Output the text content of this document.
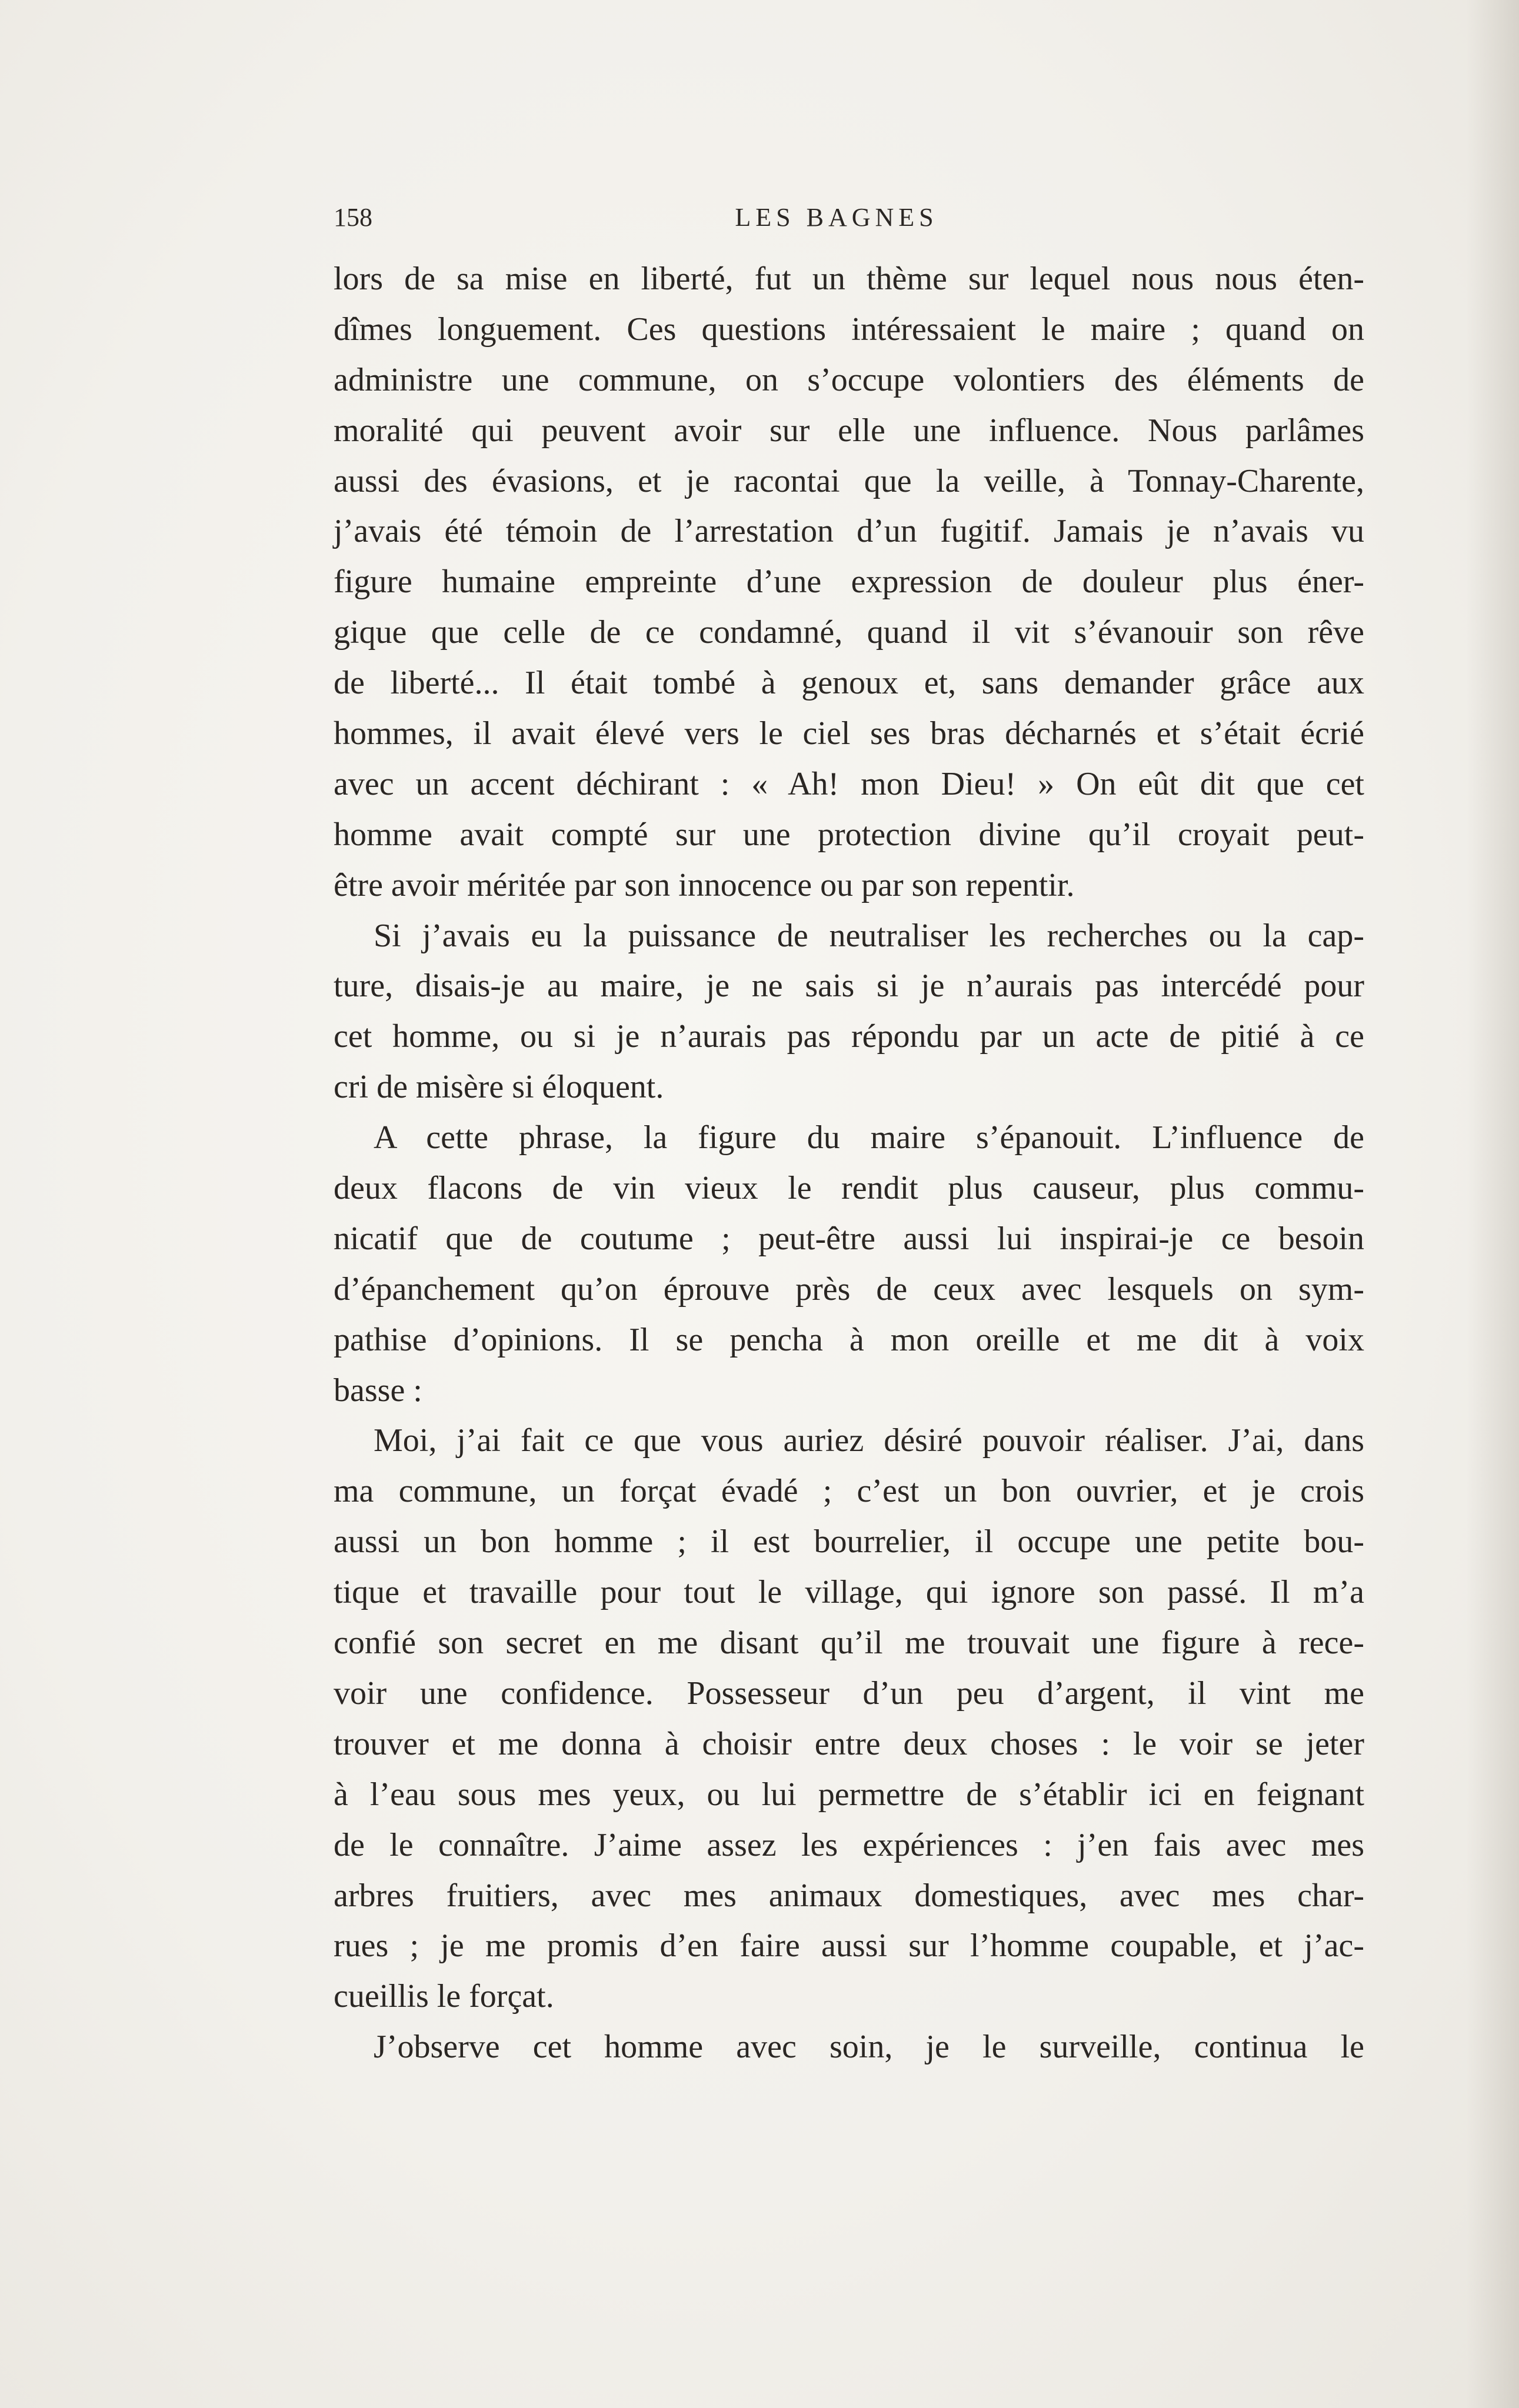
158	LES BAGNES
lors de sa mise en liberté, fut un thème sur lequel nous nous éten-
dîmes longuement. Ces questions intéressaient le maire ; quand on
administre une commune, on s’occupe volontiers des éléments de
moralité qui peuvent avoir sur elle une influence. Nous parlâmes
aussi des évasions, et je racontai que la veille, à Tonnay-Charente,
j’avais été témoin de l’arrestation d’un fugitif. Jamais je n’avais vu
figure humaine empreinte d’une expression de douleur plus éner-
gique que celle de ce condamné, quand il vit s’évanouir son rêve
de liberté... Il était tombé à genoux et, sans demander grâce aux
hommes, il avait élevé vers le ciel ses bras décharnés et s’était écrié
avec un accent déchirant : « Ah! mon Dieu! » On eût dit que cet
homme avait compté sur une protection divine qu’il croyait peut-
être avoir méritée par son innocence ou par son repentir.
Si j’avais eu la puissance de neutraliser les recherches ou la cap-
ture, disais-je au maire, je ne sais si je n’aurais pas intercédé pour
cet homme, ou si je n’aurais pas répondu par un acte de pitié à ce
cri de misère si éloquent.
A cette phrase, la figure du maire s’épanouit. L’influence de
deux flacons de vin vieux le rendit plus causeur, plus commu-
nicatif que de coutume ; peut-être aussi lui inspirai-je ce besoin
d’épanchement qu’on éprouve près de ceux avec lesquels on sym-
pathise d’opinions. Il se pencha à mon oreille et me dit à voix
basse :
Moi, j’ai fait ce que vous auriez désiré pouvoir réaliser. J’ai, dans
ma commune, un forçat évadé ; c’est un bon ouvrier, et je crois
aussi un bon homme ; il est bourrelier, il occupe une petite bou-
tique et travaille pour tout le village, qui ignore son passé. Il m’a
confié son secret en me disant qu’il me trouvait une figure à rece-
voir une confidence. Possesseur d’un peu d’argent, il vint me
trouver et me donna à choisir entre deux choses : le voir se jeter
à l’eau sous mes yeux, ou lui permettre de s’établir ici en feignant
de le connaître. J’aime assez les expériences : j’en fais avec mes
arbres fruitiers, avec mes animaux domestiques, avec mes char-
rues ; je me promis d’en faire aussi sur l’homme coupable, et j’ac-
cueillis le forçat.
J’observe cet homme avec soin, je le surveille, continua le
